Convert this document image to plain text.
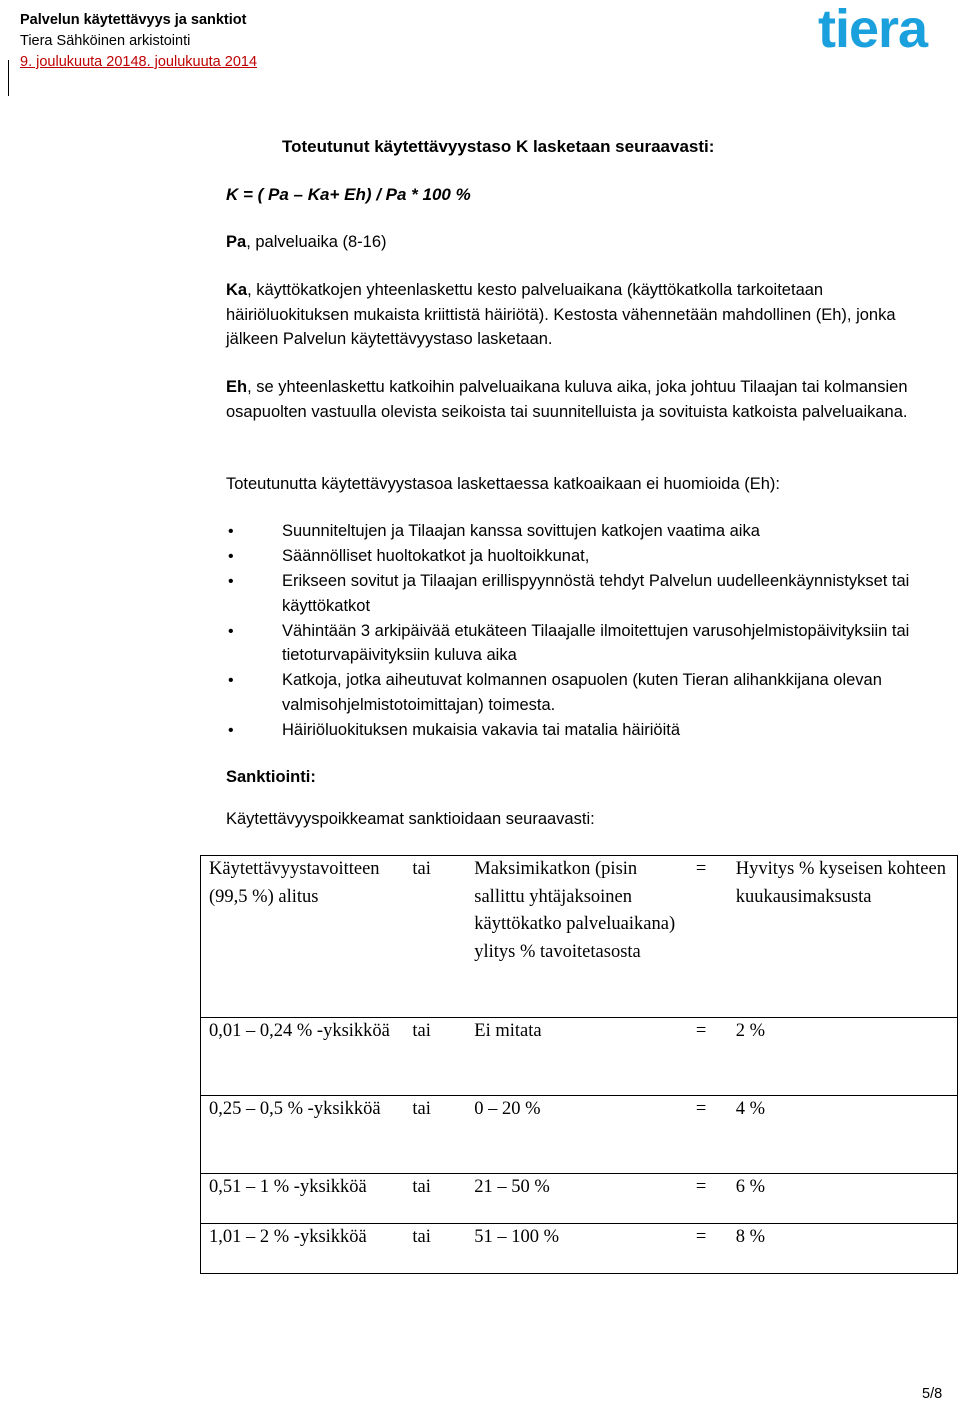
Palvelun käytettävyys ja sanktiot
Tiera Sähköinen arkistointi
9. joulukuuta 20148. joulukuuta 2014
tiera
Toteutunut käytettävyystaso K lasketaan seuraavasti:
K = ( Pa – Ka+ Eh) / Pa * 100 %
Pa, palveluaika (8-16)
Ka, käyttökatkojen yhteenlaskettu kesto palveluaikana (käyttökatkolla tarkoitetaan häiriöluokituksen mukaista kriittistä häiriötä). Kestosta vähennetään mahdollinen (Eh), jonka jälkeen Palvelun käytettävyystaso lasketaan.
Eh, se yhteenlaskettu katkoihin palveluaikana kuluva aika, joka johtuu Tilaajan tai kolmansien osapuolten vastuulla olevista seikoista tai suunnitelluista ja sovituista katkoista palveluaikana.
Toteutunutta käytettävyystasoa laskettaessa katkoaikaan ei huomioida (Eh):
•	Suunniteltujen ja Tilaajan kanssa sovittujen katkojen vaatima aika
•	Säännölliset huoltokatkot ja huoltoikkunat,
•	Erikseen sovitut ja Tilaajan erillispyynnöstä tehdyt Palvelun uudelleenkäynnistykset tai käyttökatkot
•	Vähintään 3 arkipäivää etukäteen Tilaajalle ilmoitettujen varusohjelmistopäivityksiin tai tietoturvapäivityksiin kuluva aika
•	Katkoja, jotka aiheutuvat kolmannen osapuolen (kuten Tieran alihankkijana olevan valmisohjelmistotoimittajan) toimesta.
•	Häiriöluokituksen mukaisia vakavia tai matalia häiriöitä
Sanktiointi:
Käytettävyyspoikkeamat sanktioidaan seuraavasti:
Käytettävyystavoitteen (99,5 %) alitus	tai	Maksimikatkon (pisin sallittu yhtäjaksoinen käyttökatko palveluaikana) ylitys % tavoitetasosta	=	Hyvitys % kyseisen kohteen kuukausimaksusta
0,01 – 0,24 % -yksikköä	tai	Ei mitata	=	2 %
0,25 – 0,5 % -yksikköä	tai	0 – 20 %	=	4 %
0,51 – 1 % -yksikköä	tai	21 – 50 %	=	6 %
1,01 – 2 % -yksikköä	tai	51 – 100 %	=	8 %
5/8
